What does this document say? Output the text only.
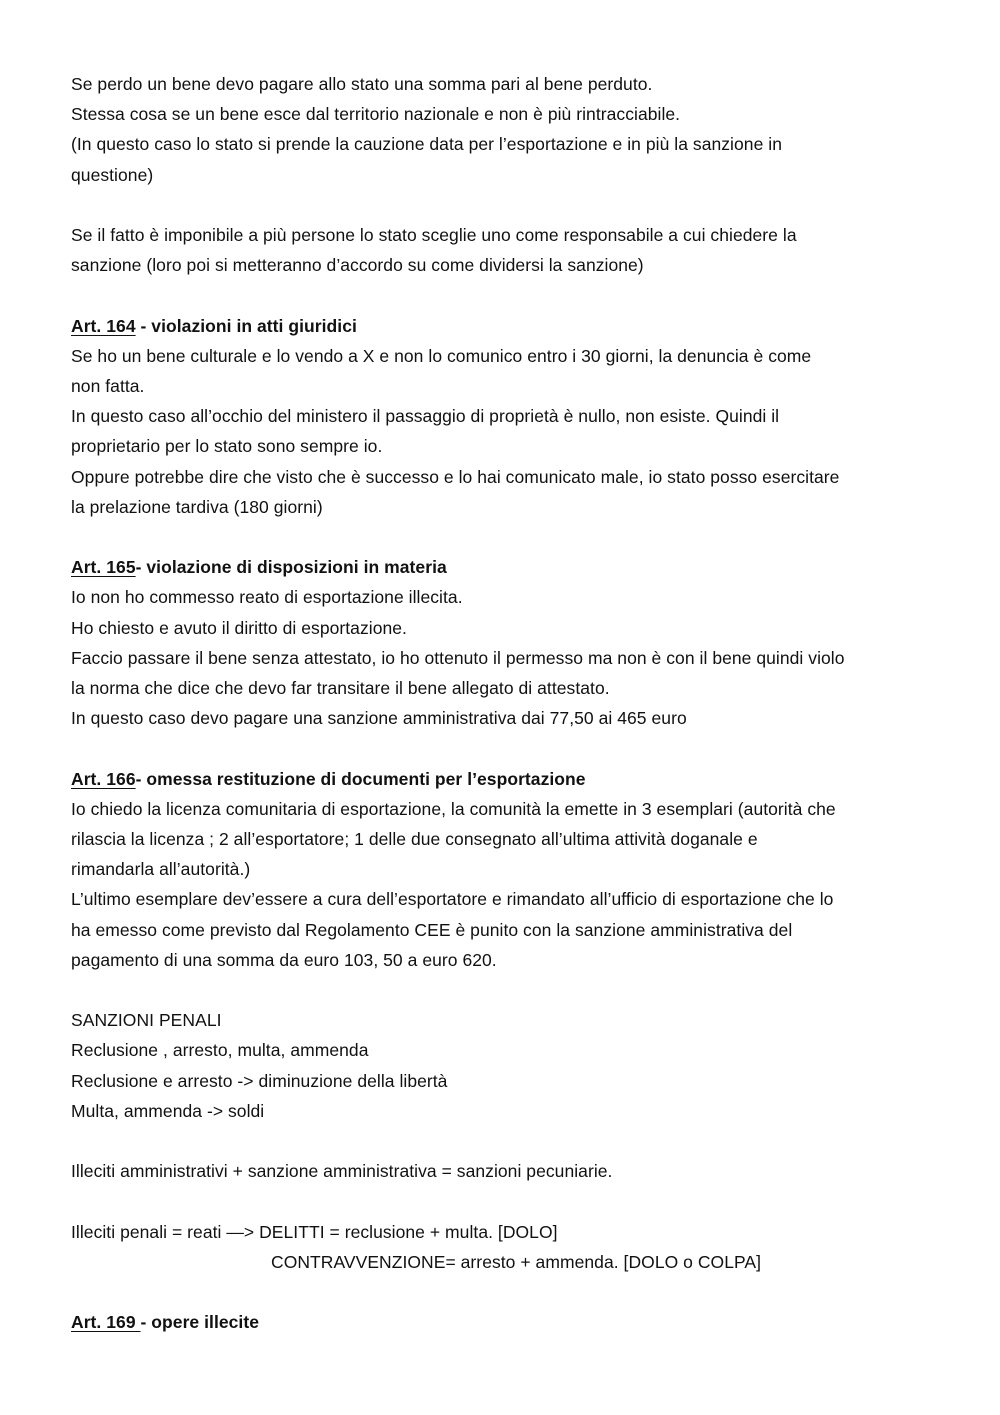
Se perdo un bene devo pagare allo stato una somma pari al bene perduto.
Stessa cosa se un bene esce dal territorio nazionale e non è più rintracciabile.
(In questo caso lo stato si prende la cauzione data per l’esportazione e in più la sanzione in
questione)
Se il fatto è imponibile a più persone lo stato sceglie uno come responsabile a cui chiedere la
sanzione (loro poi si metteranno d’accordo su come dividersi la sanzione)
Art. 164 - violazioni in atti giuridici
Se ho un bene culturale e lo vendo a X e non lo comunico entro i 30 giorni, la denuncia è come
non fatta.
In questo caso all’occhio del ministero il passaggio di proprietà è nullo, non esiste. Quindi il
proprietario per lo stato sono sempre io.
Oppure potrebbe dire che visto che è successo e lo hai comunicato male, io stato posso esercitare
la prelazione tardiva (180 giorni)
Art. 165- violazione di disposizioni in materia
Io non ho commesso reato di esportazione illecita.
Ho chiesto e avuto il diritto di esportazione.
Faccio passare il bene senza attestato, io ho ottenuto il permesso ma non è con il bene quindi violo
la norma che dice che devo far transitare il bene allegato di attestato.
In questo caso devo pagare una sanzione amministrativa dai 77,50 ai 465 euro
Art. 166- omessa restituzione di documenti per l’esportazione
Io chiedo la licenza comunitaria di esportazione, la comunità la emette in 3 esemplari (autorità che
rilascia la licenza ; 2 all’esportatore; 1 delle due consegnato all’ultima attività doganale e
rimandarla all’autorità.)
L’ultimo esemplare dev’essere a cura dell’esportatore e rimandato all’ufficio di esportazione che lo
ha emesso come previsto dal Regolamento CEE è punito con la sanzione amministrativa del
pagamento di una somma da euro 103, 50 a euro 620.
SANZIONI PENALI
Reclusione , arresto, multa, ammenda
Reclusione e arresto -> diminuzione della libertà
Multa, ammenda -> soldi
Illeciti amministrativi + sanzione amministrativa = sanzioni pecuniarie.
Illeciti penali = reati —> DELITTI = reclusione + multa. [DOLO]
CONTRAVVENZIONE= arresto + ammenda. [DOLO o COLPA]
Art. 169 - opere illecite
